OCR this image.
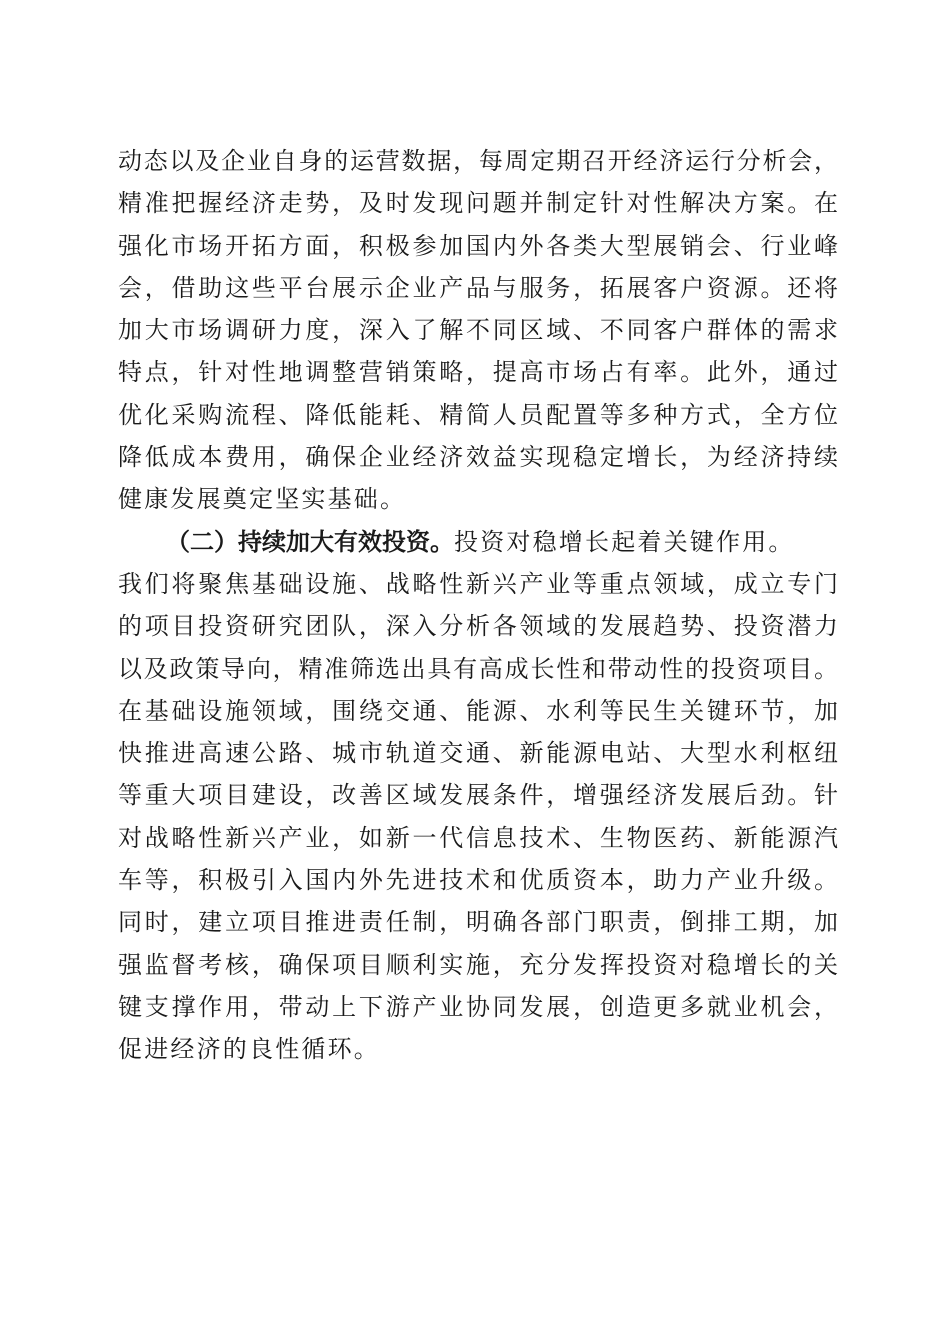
动态以及企业自身的运营数据，每周定期召开经济运行分析会，
精准把握经济走势，及时发现问题并制定针对性解决方案。在
强化市场开拓方面，积极参加国内外各类大型展销会、行业峰
会，借助这些平台展示企业产品与服务，拓展客户资源。还将
加大市场调研力度，深入了解不同区域、不同客户群体的需求
特点，针对性地调整营销策略，提高市场占有率。此外，通过
优化采购流程、降低能耗、精简人员配置等多种方式，全方位
降低成本费用，确保企业经济效益实现稳定增长，为经济持续
健康发展奠定坚实基础。
（二）持续加大有效投资。投资对稳增长起着关键作用。
我们将聚焦基础设施、战略性新兴产业等重点领域，成立专门
的项目投资研究团队，深入分析各领域的发展趋势、投资潜力
以及政策导向，精准筛选出具有高成长性和带动性的投资项目。
在基础设施领域，围绕交通、能源、水利等民生关键环节，加
快推进高速公路、城市轨道交通、新能源电站、大型水利枢纽
等重大项目建设，改善区域发展条件，增强经济发展后劲。针
对战略性新兴产业，如新一代信息技术、生物医药、新能源汽
车等，积极引入国内外先进技术和优质资本，助力产业升级。
同时，建立项目推进责任制，明确各部门职责，倒排工期，加
强监督考核，确保项目顺利实施，充分发挥投资对稳增长的关
键支撑作用，带动上下游产业协同发展，创造更多就业机会，
促进经济的良性循环。
